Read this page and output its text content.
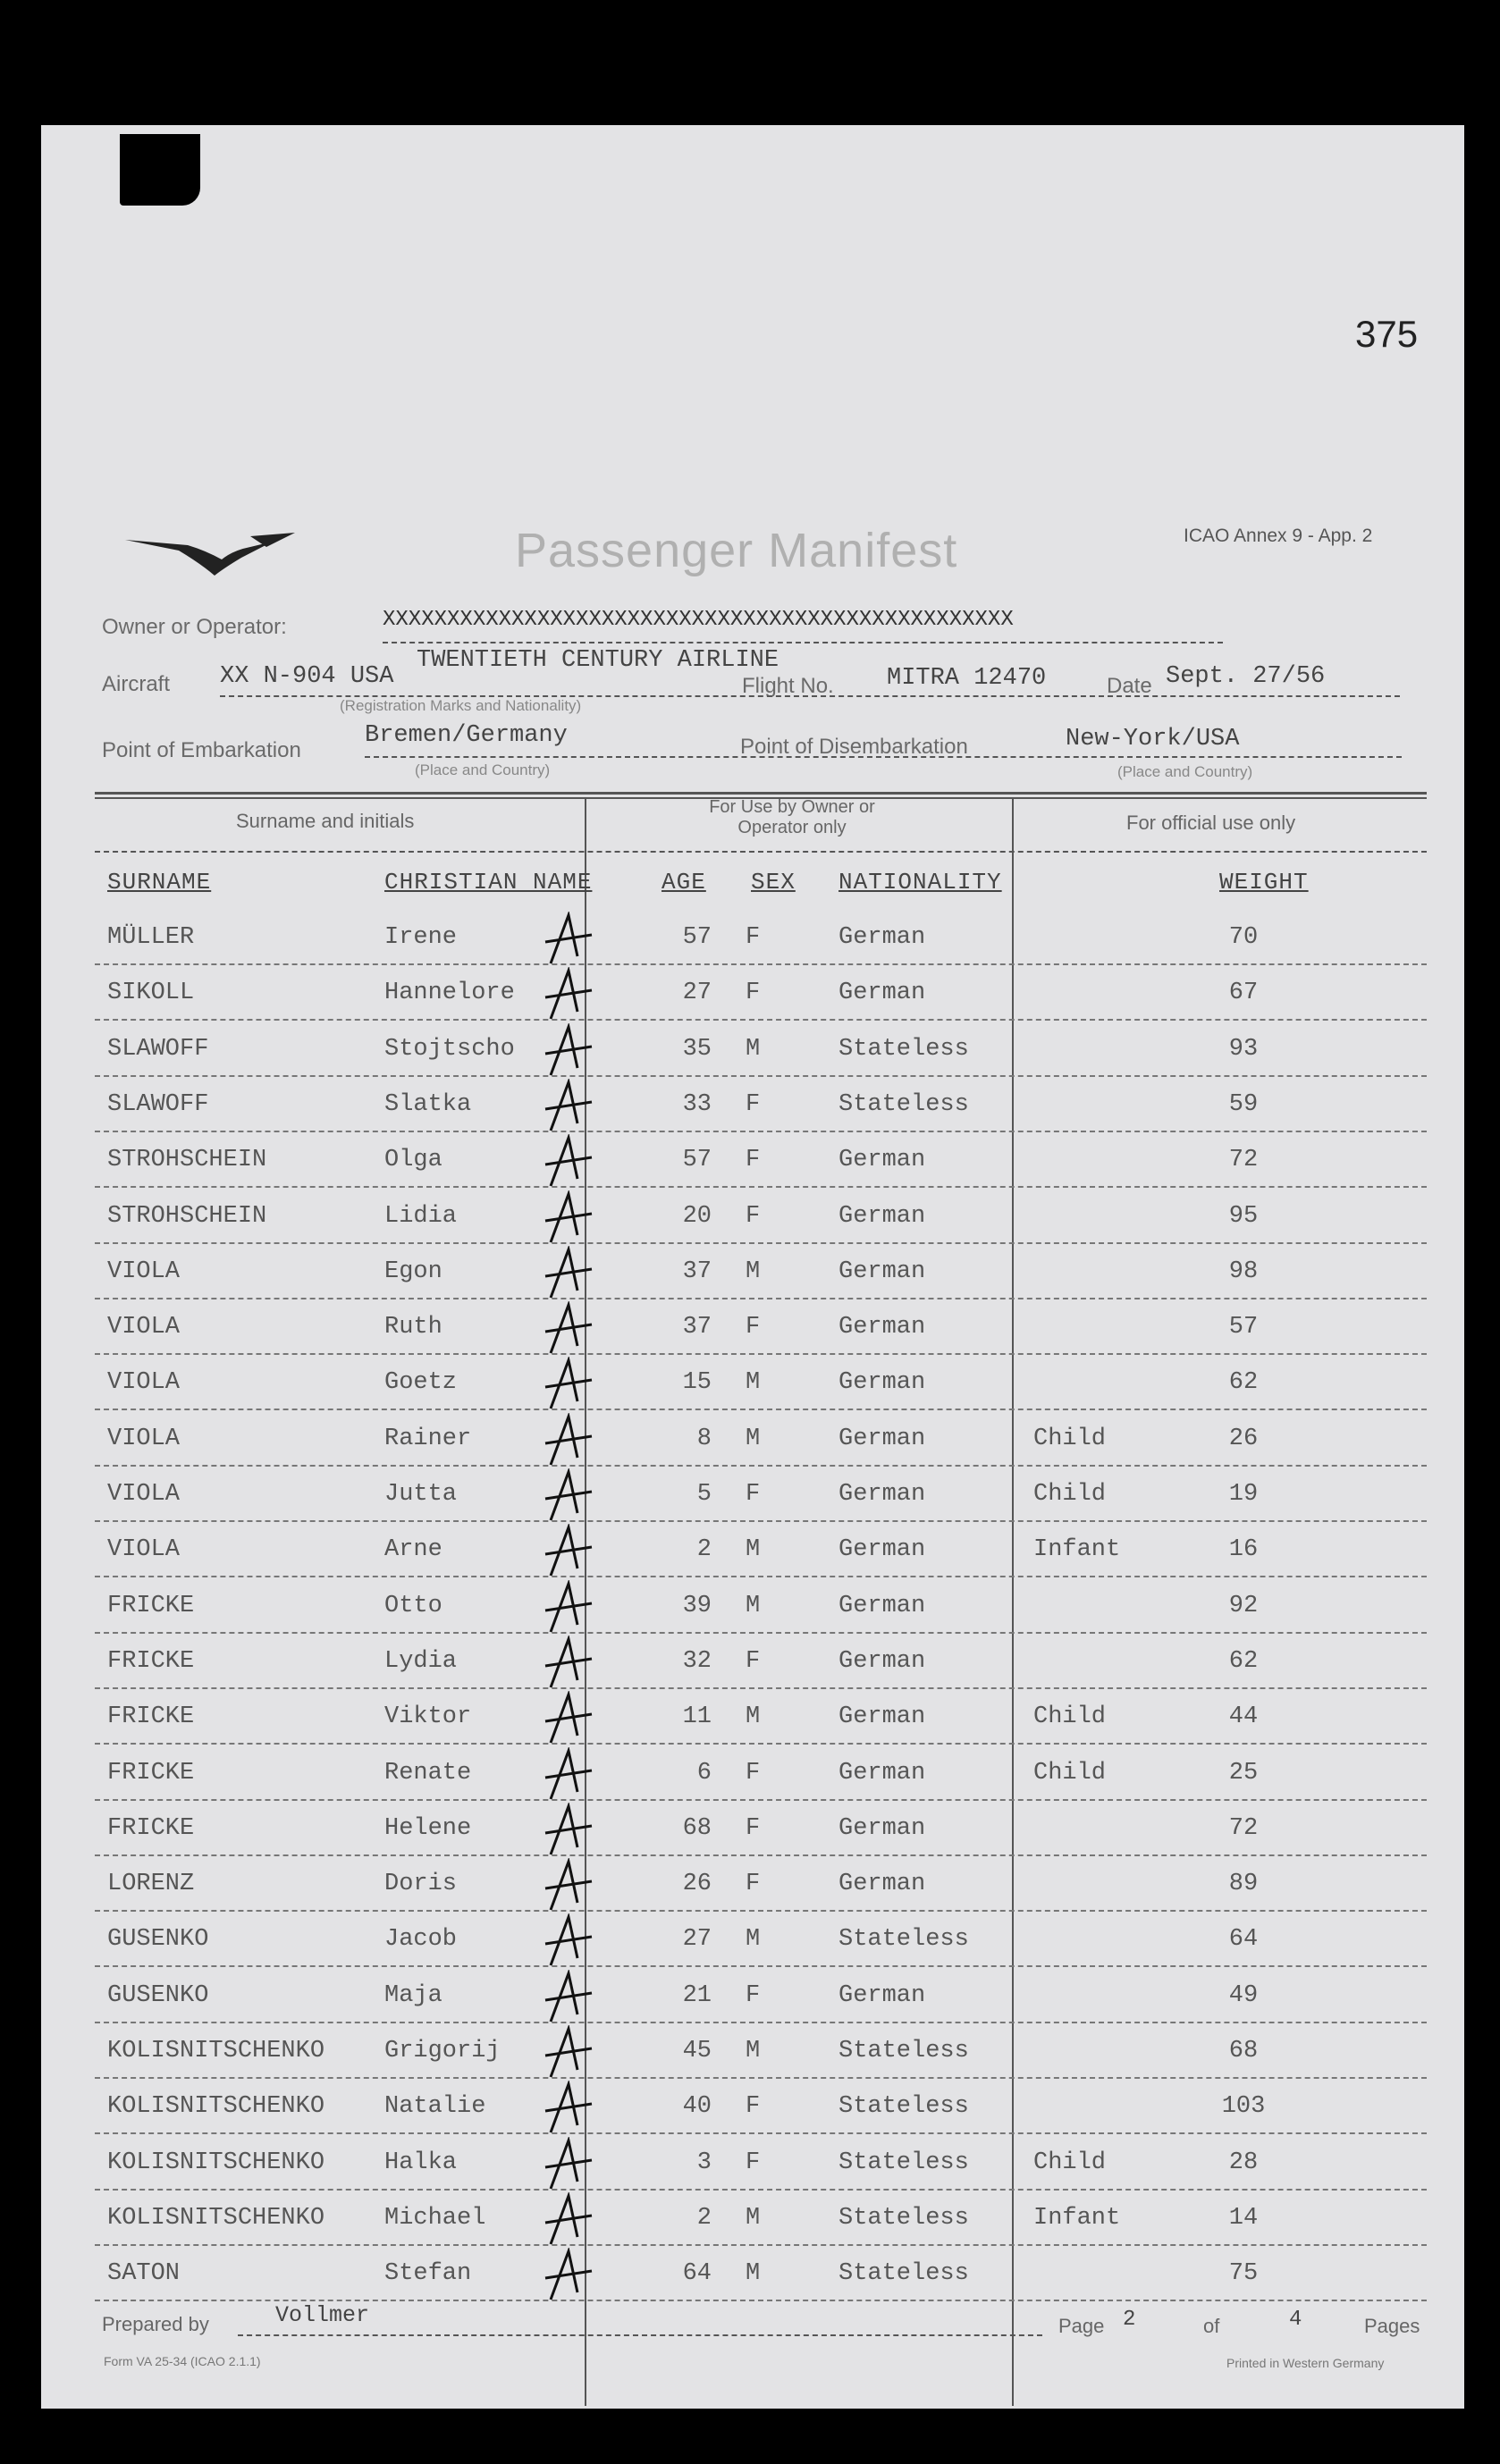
375
Passenger Manifest	ICAO Annex 9 - App. 2
Owner or Operator:	XXXXXXXXXXXXXXXXXXXXXXXXXXXXXXXXXXXXXXXXXXXXXXXXX
Aircraft XX N-904 USA
TWENTIETH CENTURY AIRLINE
(Registration Marks and Nationality)
Flight No. MITRA 12470	Date Sept. 27/56
Point of Embarkation
Bremen/Germany
(Place and Country)
Point of Disembarkation	New-York/USA
(Place and Country)
Surname and initials
For Use by Owner or Operator only	For official use only
SURNAME	CHRISTIAN NAME	AGE SEX NATIONALITY	WEIGHT
MÜLLER	Irene	57 F	German	70
SIKOLL	Hannelore	27 F	German	67
SLAWOFF	Stojtscho	35 M	Stateless	93
SLAWOFF	Slatka	33 F	Stateless	59
STROHSCHEIN	Olga	57 F	German	72
STROHSCHEIN	Lidia	20 F	German	95
VIOLA	Egon	37 M	German	98
VIOLA	Ruth	37 F	German	57
VIOLA	Goetz	15 M	German	62
VIOLA	Rainer	8 M	German	Child	26
VIOLA	Jutta	5 F	German	Child	19
VIOLA	Arne	2 M	German	Infant	16
FRICKE	Otto	39 M	German	92
FRICKE	Lydia	32 F	German	62
FRICKE	Viktor	11 M	German	Child	44
FRICKE	Renate	6 F	German	Child	25
FRICKE	Helene	68 F	German	72
LORENZ	Doris	26 F	German	89
GUSENKO	Jacob	27 M	Stateless	64
GUSENKO	Maja	21 F	German	49
KOLISNITSCHENKO Grigorij	45 M	Stateless	68
KOLISNITSCHENKO Natalie	40 F	Stateless	103
KOLISNITSCHENKO Halka	3 F	Stateless	Child	28
KOLISNITSCHENKO Michael	2 M	Stateless	Infant	14
SATON	Stefan	64 M	Stateless	75
Prepared by	Vollmer	Page 2	of	4	Pages
Form VA 25-34 (ICAO 2.1.1)	Printed in Western Germany
